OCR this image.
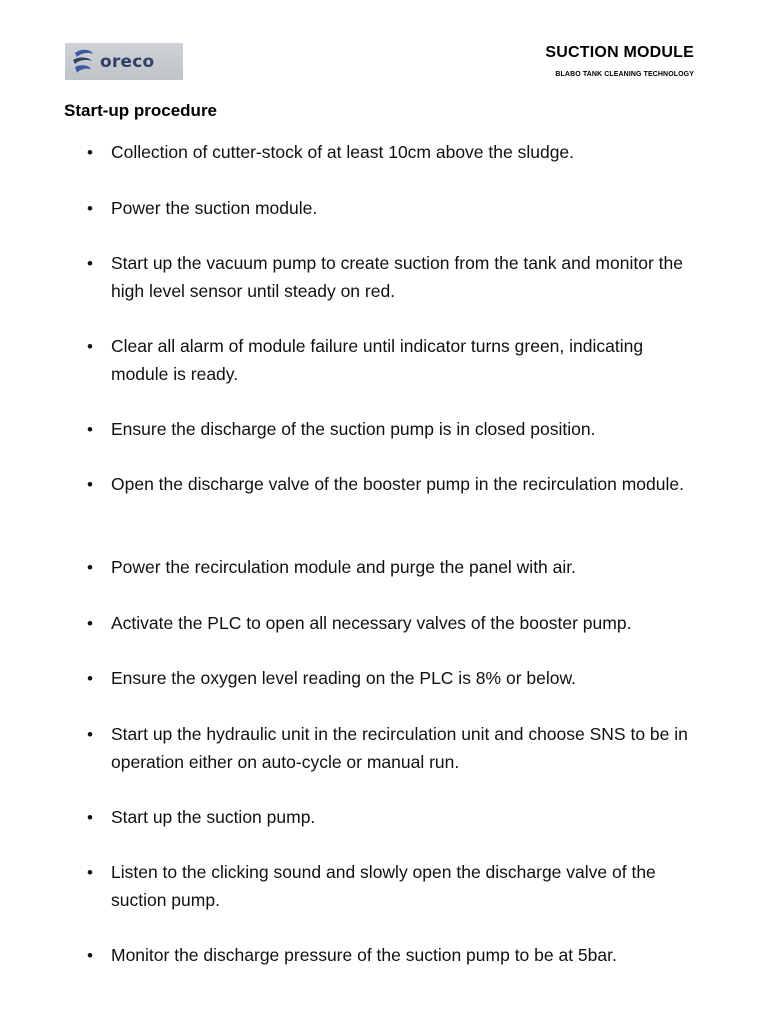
oreco	SUCTION MODULE
BLABO TANK CLEANING TECHNOLOGY
Start-up procedure
•	Collection of cutter-stock of at least 10cm above the sludge.
•	Power the suction module.
•	Start up the vacuum pump to create suction from the tank and monitor the high level sensor until steady on red.
•	Clear all alarm of module failure until indicator turns green, indicating module is ready.
•	Ensure the discharge of the suction pump is in closed position.
•	Open the discharge valve of the booster pump in the recirculation module.
•	Power the recirculation module and purge the panel with air.
•	Activate the PLC to open all necessary valves of the booster pump.
•	Ensure the oxygen level reading on the PLC is 8% or below.
•	Start up the hydraulic unit in the recirculation unit and choose SNS to be in operation either on auto-cycle or manual run.
•	Start up the suction pump.
•	Listen to the clicking sound and slowly open the discharge valve of the suction pump.
•	Monitor the discharge pressure of the suction pump to be at 5bar.
